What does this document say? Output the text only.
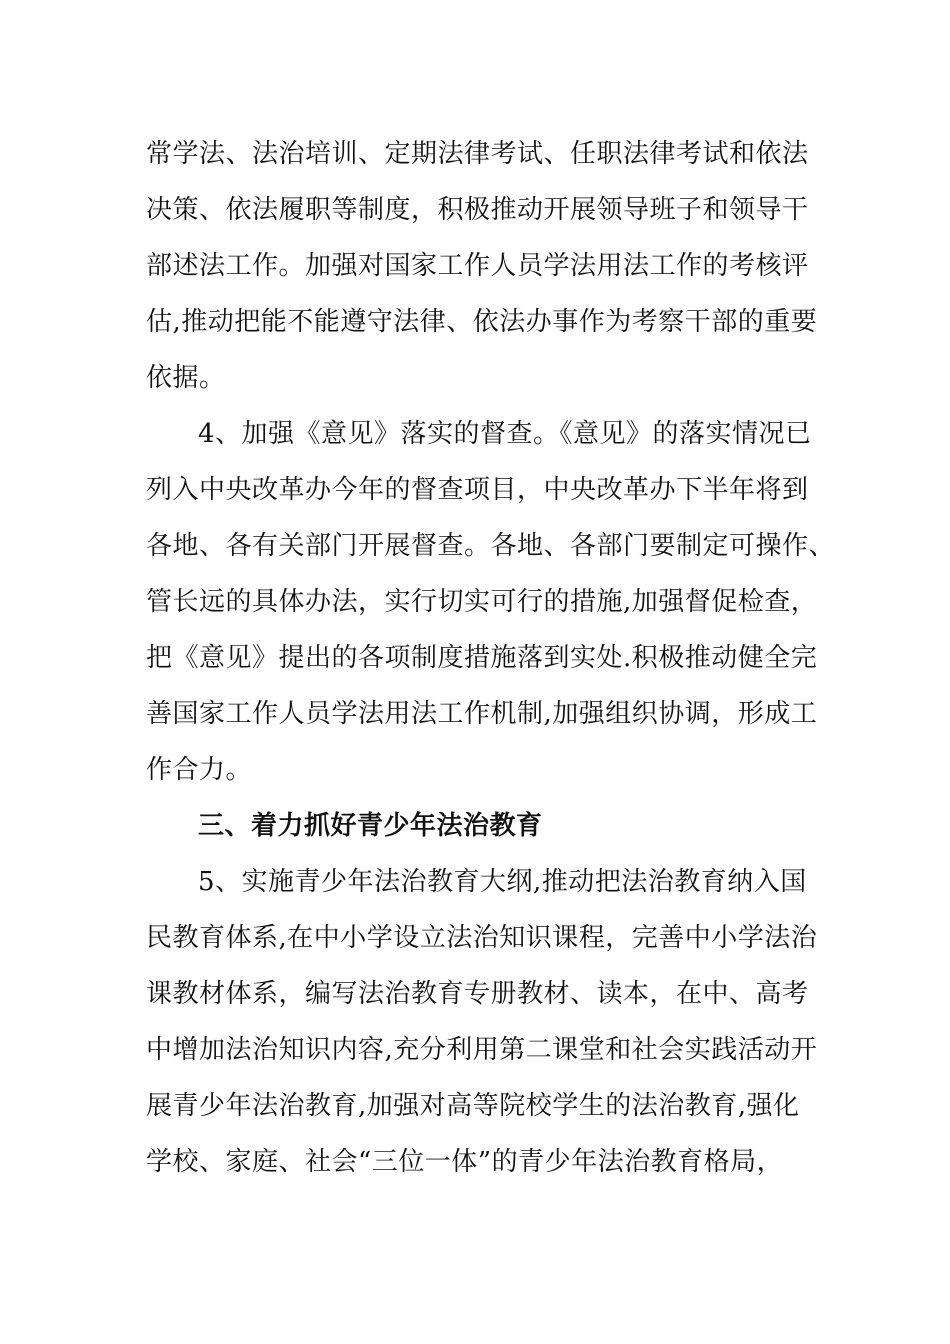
常学法、法治培训、定期法律考试、任职法律考试和依法
决策、依法履职等制度，积极推动开展领导班子和领导干
部述法工作。加强对国家工作人员学法用法工作的考核评
估,推动把能不能遵守法律、依法办事作为考察干部的重要
依据。
4、加强《意见》落实的督查。《意见》的落实情况已
列入中央改革办今年的督查项目，中央改革办下半年将到
各地、各有关部门开展督查。各地、各部门要制定可操作、
管长远的具体办法，实行切实可行的措施,加强督促检查，
把《意见》提出的各项制度措施落到实处.积极推动健全完
善国家工作人员学法用法工作机制,加强组织协调，形成工
作合力。
三、着力抓好青少年法治教育
5、实施青少年法治教育大纲,推动把法治教育纳入国
民教育体系,在中小学设立法治知识课程，完善中小学法治
课教材体系，编写法治教育专册教材、读本，在中、高考
中增加法治知识内容,充分利用第二课堂和社会实践活动开
展青少年法治教育,加强对高等院校学生的法治教育,强化
学校、家庭、社会“三位一体”的青少年法治教育格局，
